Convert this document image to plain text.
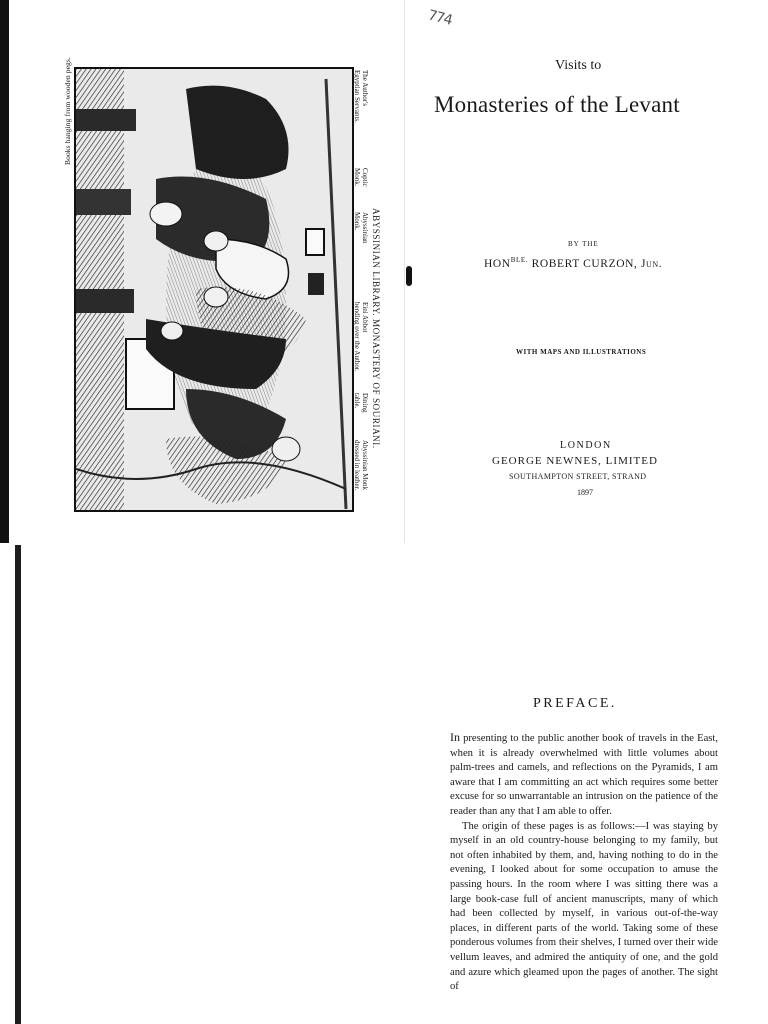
774
Books hanging from wooden pegs.	The Author's
Egyptian Servants.
Coptic
Monk.
Abyssinian
Monk.
Eini Abbot
bending over the Author.
Dining
table.
Abyssinian Monk
dressed in leather.
ABYSSINIAN LIBRARY. MONASTERY OF SOURIANI.
Visits to
Monasteries of the Levant
BY THE
$HON^{BLE.}$ ROBERT CURZON, Jun.
WITH MAPS AND ILLUSTRATIONS
LONDON
GEORGE NEWNES, LIMITED
SOUTHAMPTON STREET, STRAND
1897
PREFACE.

In presenting to the public another book of travels in the East, when it is already overwhelmed with little volumes about palm-trees and camels, and reflections on the Pyramids, I am aware that I am committing an act which requires some better excuse for so unwarrantable an intrusion on the patience of the reader than any that I am able to offer.

The origin of these pages is as follows:—I was staying by myself in an old country-house belonging to my family, but not often inhabited by them, and, having nothing to do in the evening, I looked about for some occupation to amuse the passing hours. In the room where I was sitting there was a large book-case full of ancient manuscripts, many of which had been collected by myself, in various out-of-the-way places, in different parts of the world. Taking some of these ponderous volumes from their shelves, I turned over their wide vellum leaves, and admired the antiquity of one, and the gold and azure which gleamed upon the pages of another. The sight of
